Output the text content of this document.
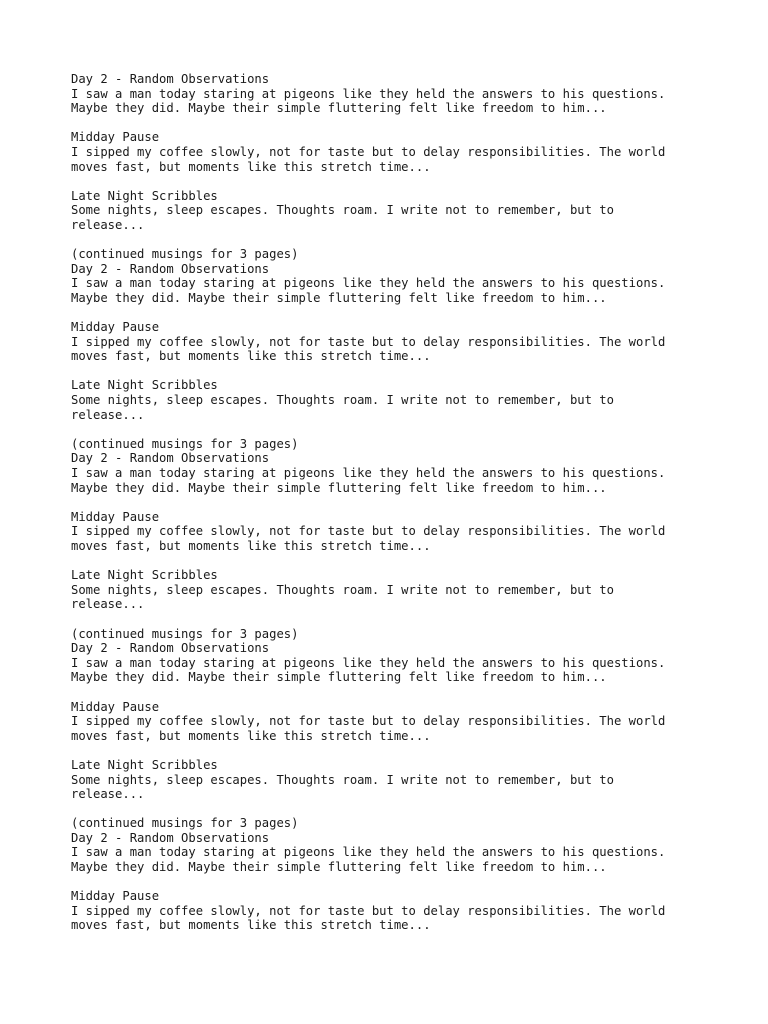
Day 2 - Random Observations
I saw a man today staring at pigeons like they held the answers to his questions.
Maybe they did. Maybe their simple fluttering felt like freedom to him...
Midday Pause
I sipped my coffee slowly, not for taste but to delay responsibilities. The world
moves fast, but moments like this stretch time...
Late Night Scribbles
Some nights, sleep escapes. Thoughts roam. I write not to remember, but to
release...
(continued musings for 3 pages)
Day 2 - Random Observations
I saw a man today staring at pigeons like they held the answers to his questions.
Maybe they did. Maybe their simple fluttering felt like freedom to him...
Midday Pause
I sipped my coffee slowly, not for taste but to delay responsibilities. The world
moves fast, but moments like this stretch time...
Late Night Scribbles
Some nights, sleep escapes. Thoughts roam. I write not to remember, but to
release...
(continued musings for 3 pages)
Day 2 - Random Observations
I saw a man today staring at pigeons like they held the answers to his questions.
Maybe they did. Maybe their simple fluttering felt like freedom to him...
Midday Pause
I sipped my coffee slowly, not for taste but to delay responsibilities. The world
moves fast, but moments like this stretch time...
Late Night Scribbles
Some nights, sleep escapes. Thoughts roam. I write not to remember, but to
release...
(continued musings for 3 pages)
Day 2 - Random Observations
I saw a man today staring at pigeons like they held the answers to his questions.
Maybe they did. Maybe their simple fluttering felt like freedom to him...
Midday Pause
I sipped my coffee slowly, not for taste but to delay responsibilities. The world
moves fast, but moments like this stretch time...
Late Night Scribbles
Some nights, sleep escapes. Thoughts roam. I write not to remember, but to
release...
(continued musings for 3 pages)
Day 2 - Random Observations
I saw a man today staring at pigeons like they held the answers to his questions.
Maybe they did. Maybe their simple fluttering felt like freedom to him...
Midday Pause
I sipped my coffee slowly, not for taste but to delay responsibilities. The world
moves fast, but moments like this stretch time...
